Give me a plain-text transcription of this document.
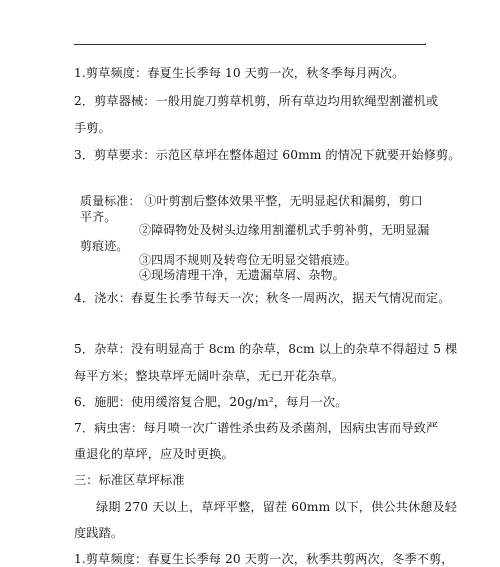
.
1.剪草频度：春夏生长季每 10 天剪一次，秋冬季每月两次。
2．剪草器械：一般用旋刀剪草机剪，所有草边均用软绳型割灌机或
手剪。
3．剪草要求：示范区草坪在整体超过 60mm 的情况下就要开始修剪。
质量标准： ①叶剪割后整体效果平整，无明显起伏和漏剪，剪口
平齐。
②障碍物处及树头边缘用割灌机式手剪补剪，无明显漏
剪痕迹。
③四周不规则及转弯位无明显交错痕迹。
④现场清理干净，无遗漏草屑、杂物。
4．浇水：春夏生长季节每天一次；秋冬一周两次，据天气情况而定。
5．杂草：没有明显高于 8cm 的杂草，8cm 以上的杂草不得超过 5 棵
每平方米；整块草坪无阔叶杂草，无已开花杂草。
6．施肥：使用缓溶复合肥，20g/m²，每月一次。
7．病虫害：每月喷一次广谱性杀虫药及杀菌剂，因病虫害而导致严
重退化的草坪，应及时更换。
三：标准区草坪标准
绿期 270 天以上，草坪平整，留茬 60mm 以下，供公共休憩及轻
度践踏。
1.剪草频度：春夏生长季每 20 天剪一次，秋季共剪两次，冬季不剪，
